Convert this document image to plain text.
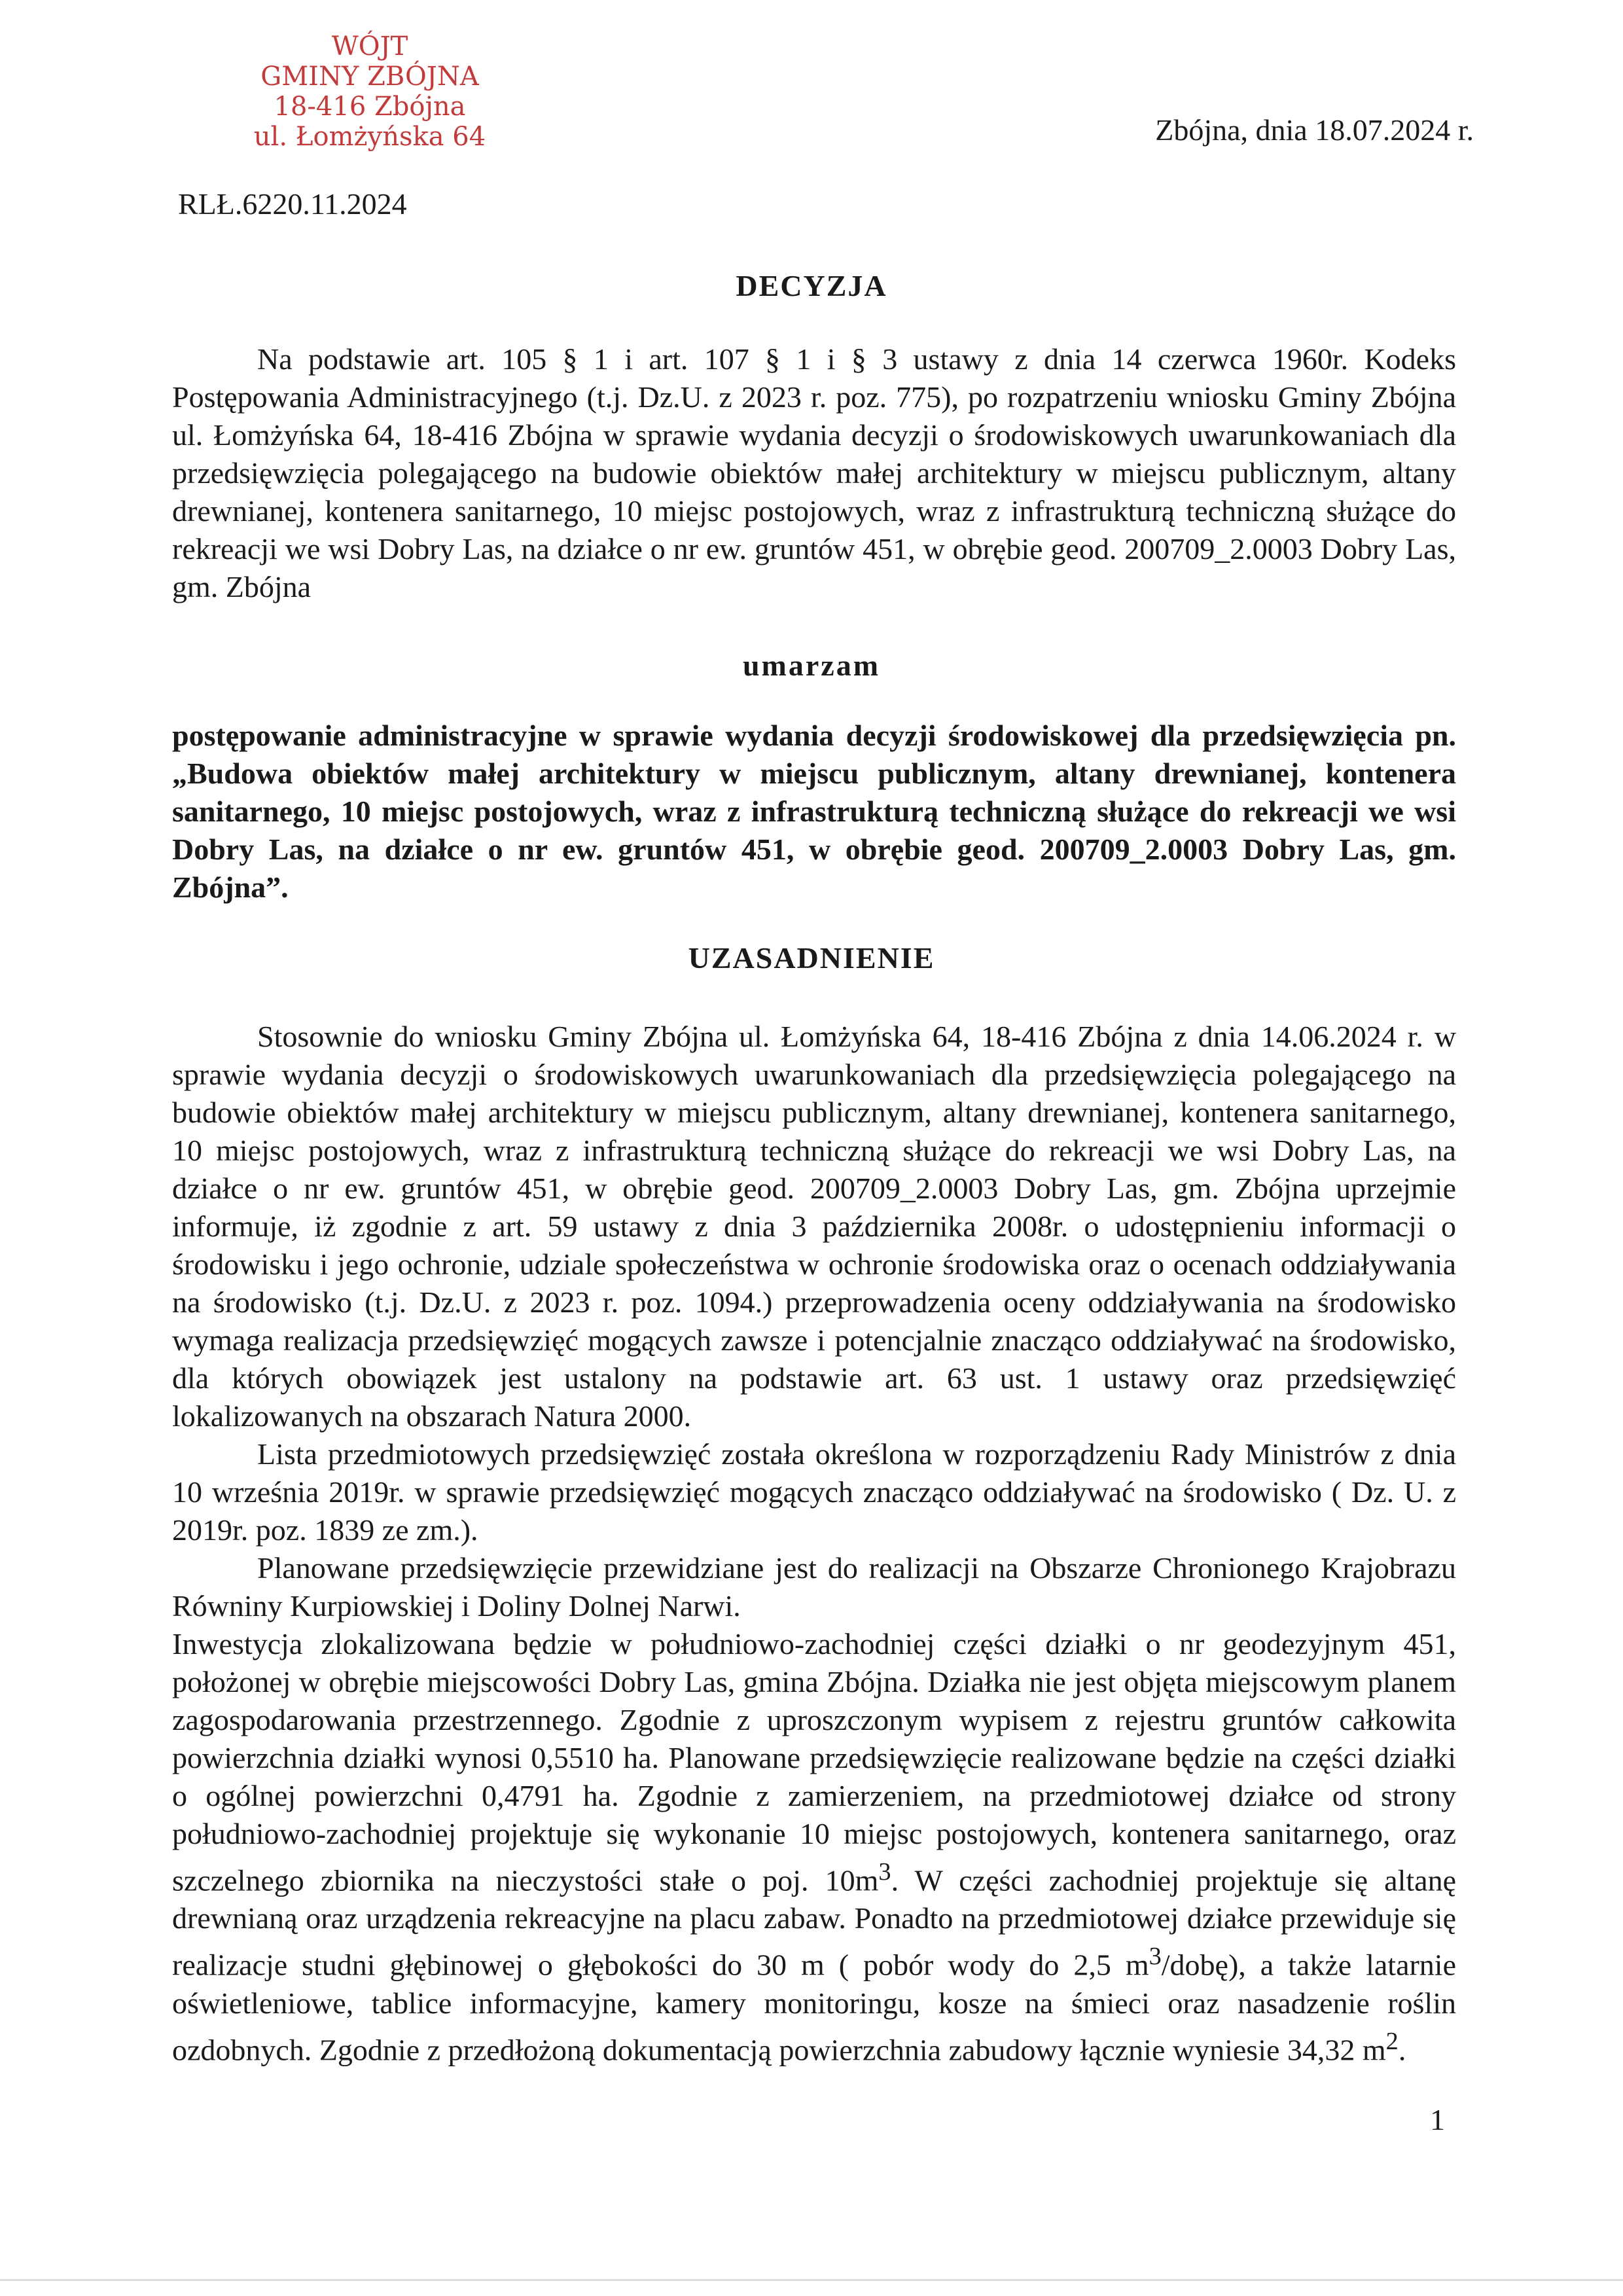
WÓJT
GMINY ZBÓJNA
18-416 Zbójna
ul. Łomżyńska 64	Zbójna, dnia 18.07.2024 r.
RLŁ.6220.11.2024
DECYZJA

Na podstawie art. 105 § 1 i art. 107 § 1 i § 3 ustawy z dnia 14 czerwca 1960r. Kodeks Postępowania Administracyjnego (t.j. Dz.U. z 2023 r. poz. 775), po rozpatrzeniu wniosku Gminy Zbójna ul. Łomżyńska 64, 18-416 Zbójna w sprawie wydania decyzji o środowiskowych uwarunkowaniach dla przedsięwzięcia polegającego na budowie obiektów małej architektury w miejscu publicznym, altany drewnianej, kontenera sanitarnego, 10 miejsc postojowych, wraz z infrastrukturą techniczną służące do rekreacji we wsi Dobry Las, na działce o nr ew. gruntów 451, w obrębie geod. 200709_2.0003 Dobry Las, gm. Zbójna

umarzam

postępowanie administracyjne w sprawie wydania decyzji środowiskowej dla przedsięwzięcia pn. „Budowa obiektów małej architektury w miejscu publicznym, altany drewnianej, kontenera sanitarnego, 10 miejsc postojowych, wraz z infrastrukturą techniczną służące do rekreacji we wsi Dobry Las, na działce o nr ew. gruntów 451, w obrębie geod. 200709_2.0003 Dobry Las, gm. Zbójna”.

UZASADNIENIE

Stosownie do wniosku Gminy Zbójna ul. Łomżyńska 64, 18-416 Zbójna z dnia 14.06.2024 r. w sprawie wydania decyzji o środowiskowych uwarunkowaniach dla przedsięwzięcia polegającego na budowie obiektów małej architektury w miejscu publicznym, altany drewnianej, kontenera sanitarnego, 10 miejsc postojowych, wraz z infrastrukturą techniczną służące do rekreacji we wsi Dobry Las, na działce o nr ew. gruntów 451, w obrębie geod. 200709_2.0003 Dobry Las, gm. Zbójna uprzejmie informuje, iż zgodnie z art. 59 ustawy z dnia 3 października 2008r. o udostępnieniu informacji o środowisku i jego ochronie, udziale społeczeństwa w ochronie środowiska oraz o ocenach oddziaływania na środowisko (t.j. Dz.U. z 2023 r. poz. 1094.) przeprowadzenia oceny oddziaływania na środowisko wymaga realizacja przedsięwzięć mogących zawsze i potencjalnie znacząco oddziaływać na środowisko, dla których obowiązek jest ustalony na podstawie art. 63 ust. 1 ustawy oraz przedsięwzięć lokalizowanych na obszarach Natura 2000.

Lista przedmiotowych przedsięwzięć została określona w rozporządzeniu Rady Ministrów z dnia 10 września 2019r. w sprawie przedsięwzięć mogących znacząco oddziaływać na środowisko ( Dz. U. z 2019r. poz. 1839 ze zm.).

Planowane przedsięwzięcie przewidziane jest do realizacji na Obszarze Chronionego Krajobrazu Równiny Kurpiowskiej i Doliny Dolnej Narwi.

Inwestycja zlokalizowana będzie w południowo-zachodniej części działki o nr geodezyjnym 451, położonej w obrębie miejscowości Dobry Las, gmina Zbójna. Działka nie jest objęta miejscowym planem zagospodarowania przestrzennego. Zgodnie z uproszczonym wypisem z rejestru gruntów całkowita powierzchnia działki wynosi 0,5510 ha. Planowane przedsięwzięcie realizowane będzie na części działki o ogólnej powierzchni 0,4791 ha. Zgodnie z zamierzeniem, na przedmiotowej działce od strony południowo-zachodniej projektuje się wykonanie 10 miejsc postojowych, kontenera sanitarnego, oraz szczelnego zbiornika na nieczystości stałe o poj. $10m^3$. W części zachodniej projektuje się altanę drewnianą oraz urządzenia rekreacyjne na placu zabaw. Ponadto na przedmiotowej działce przewiduje się realizacje studni głębinowej o głębokości do 30 m ( pobór wody do 2,5 $m^3/dobę$), a także latarnie oświetleniowe, tablice informacyjne, kamery monitoringu, kosze na śmieci oraz nasadzenie roślin ozdobnych. Zgodnie z przedłożoną dokumentacją powierzchnia zabudowy łącznie wyniesie 34,32 $m^2$.

1
